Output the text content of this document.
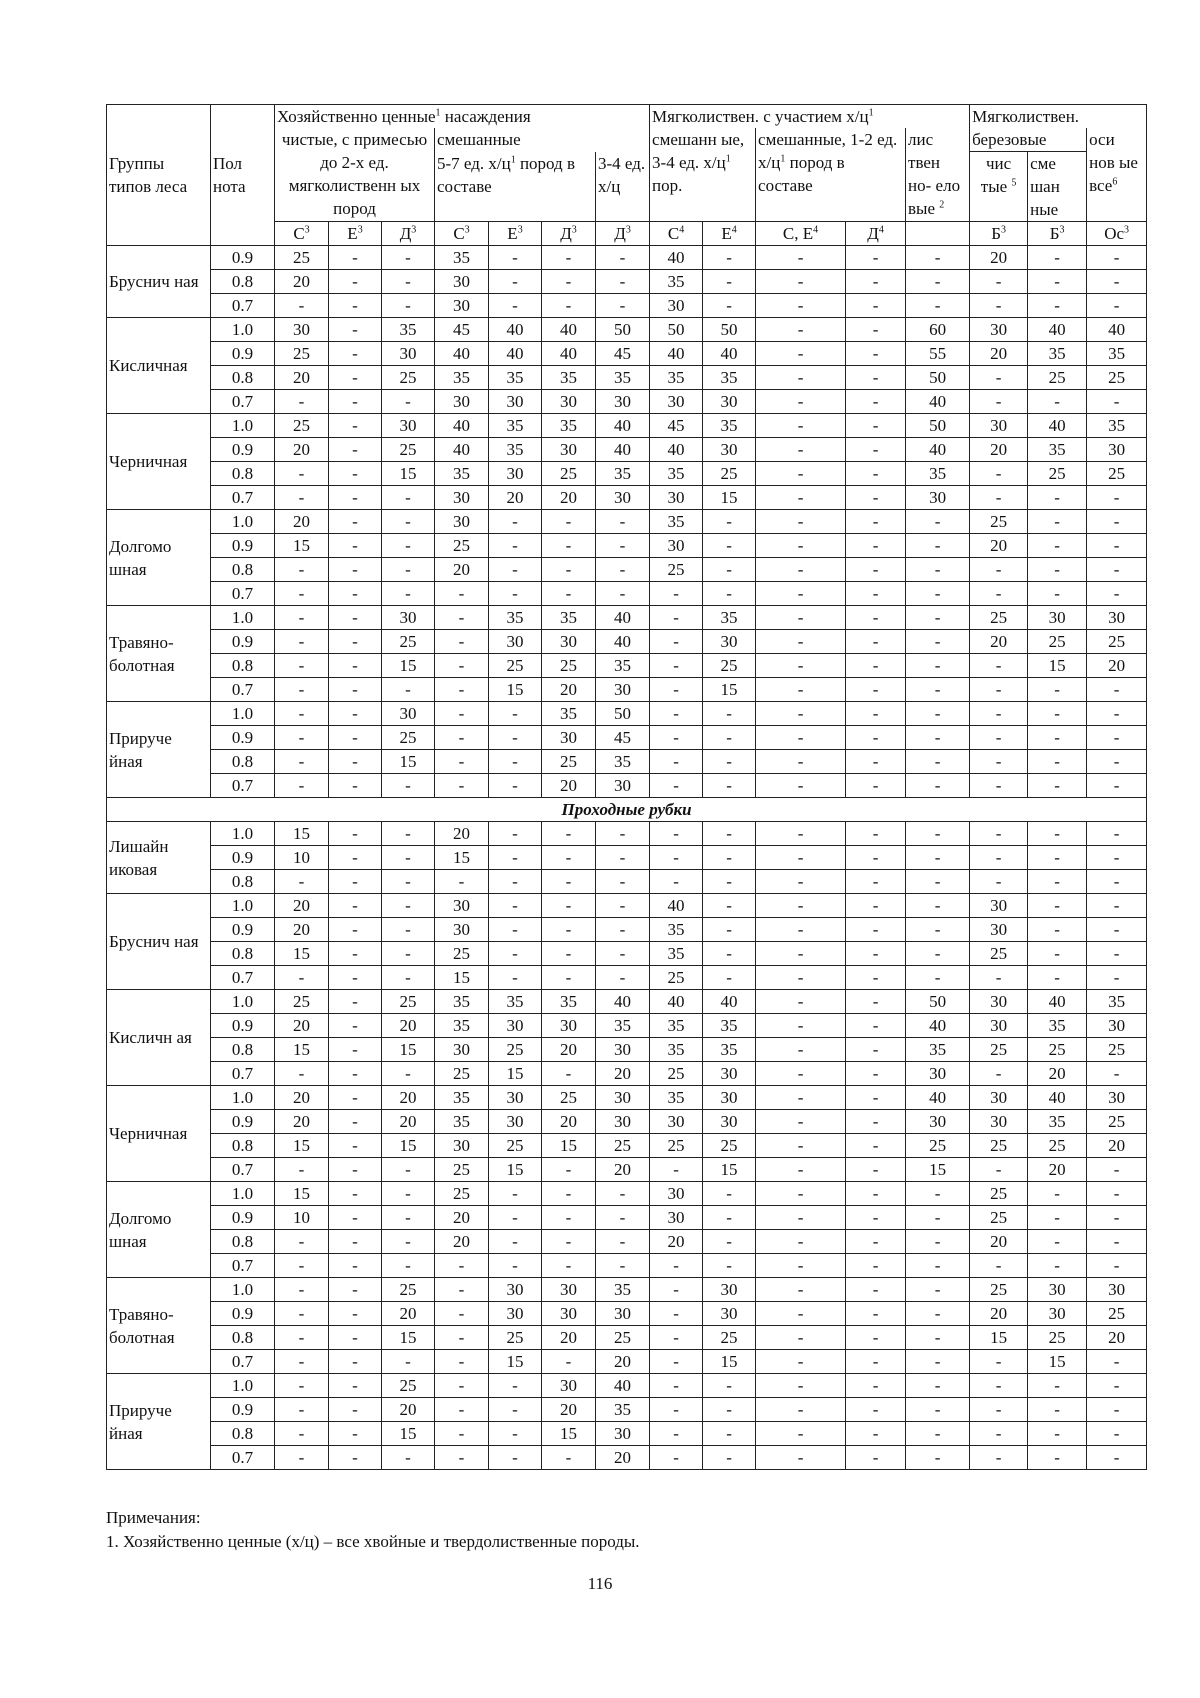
Группы типов леса	Пол нота	Хозяйственно ценные$^1$ насаждения							Мягколиствен. с участием $х/ц^1$					Мягколиствен.		
		чистые, с примесью до 2-х ед. мягколиственн ых пород			смешанные				смешанн ые, 3-4 ед. $х/ц^1$ пор.		смешанные, 1-2 ед. $х/ц^1$ пород в составе		лис твен но- ело вые $^2$	березовые		оси нов ые все$^6$
					5-7 ед. $х/ц^1$ пород в составе			3-4 ед. х/ц						чис тые $^5$	сме шан ные	

		$С^3$	$Е^3$	$Д^3$	$С^3$	$Е^3$	$Д^3$	$Д^3$	$С^4$	$Е^4$	С, $Е^4$	$Д^4$		$Б^3$	$Б^3$	$Ос^3$
Бруснич ная	0.9	25	-	-	35	-	-	-	40	-	-	-	-	20	-	-
	0.8	20	-	-	30	-	-	-	35	-	-	-	-	-	-	-
	0.7	-	-	-	30	-	-	-	30	-	-	-	-	-	-	-
Кисличная	1.0	30	-	35	45	40	40	50	50	50	-	-	60	30	40	40
	0.9	25	-	30	40	40	40	45	40	40	-	-	55	20	35	35
	0.8	20	-	25	35	35	35	35	35	35	-	-	50	-	25	25
	0.7	-	-	-	30	30	30	30	30	30	-	-	40	-	-	-
Черничная	1.0	25	-	30	40	35	35	40	45	35	-	-	50	30	40	35
	0.9	20	-	25	40	35	30	40	40	30	-	-	40	20	35	30
	0.8	-	-	15	35	30	25	35	35	25	-	-	35	-	25	25
	0.7	-	-	-	30	20	20	30	30	15	-	-	30	-	-	-
Долгомо шная	1.0	20	-	-	30	-	-	-	35	-	-	-	-	25	-	-
	0.9	15	-	-	25	-	-	-	30	-	-	-	-	20	-	-
	0.8	-	-	-	20	-	-	-	25	-	-	-	-	-	-	-
	0.7	-	-	-	-	-	-	-	-	-	-	-	-	-	-	-
Травяно- болотная	1.0	-	-	30	-	35	35	40	-	35	-	-	-	25	30	30
	0.9	-	-	25	-	30	30	40	-	30	-	-	-	20	25	25
	0.8	-	-	15	-	25	25	35	-	25	-	-	-	-	15	20
	0.7	-	-	-	-	15	20	30	-	15	-	-	-	-	-	-
Приручe йная	1.0	-	-	30	-	-	35	50	-	-	-	-	-	-	-	-
	0.9	-	-	25	-	-	30	45	-	-	-	-	-	-	-	-
	0.8	-	-	15	-	-	25	35	-	-	-	-	-	-	-	-
	0.7	-	-	-	-	-	20	30	-	-	-	-	-	-	-	-
Проходные рубки																
Лишайн иковая	1.0	15	-	-	20	-	-	-	-	-	-	-	-	-	-	-
	0.9	10	-	-	15	-	-	-	-	-	-	-	-	-	-	-
	0.8	-	-	-	-	-	-	-	-	-	-	-	-	-	-	-
Бруснич ная	1.0	20	-	-	30	-	-	-	40	-	-	-	-	30	-	-
	0.9	20	-	-	30	-	-	-	35	-	-	-	-	30	-	-
	0.8	15	-	-	25	-	-	-	35	-	-	-	-	25	-	-
	0.7	-	-	-	15	-	-	-	25	-	-	-	-	-	-	-
Кисличн ая	1.0	25	-	25	35	35	35	40	40	40	-	-	50	30	40	35
	0.9	20	-	20	35	30	30	35	35	35	-	-	40	30	35	30
	0.8	15	-	15	30	25	20	30	35	35	-	-	35	25	25	25
	0.7	-	-	-	25	15	-	20	25	30	-	-	30	-	20	-
Черничная	1.0	20	-	20	35	30	25	30	35	30	-	-	40	30	40	30
	0.9	20	-	20	35	30	20	30	30	30	-	-	30	30	35	25
	0.8	15	-	15	30	25	15	25	25	25	-	-	25	25	25	20
	0.7	-	-	-	25	15	-	20	-	15	-	-	15	-	20	-
Долгомо шная	1.0	15	-	-	25	-	-	-	30	-	-	-	-	25	-	-
	0.9	10	-	-	20	-	-	-	30	-	-	-	-	25	-	-
	0.8	-	-	-	20	-	-	-	20	-	-	-	-	20	-	-
	0.7	-	-	-	-	-	-	-	-	-	-	-	-	-	-	-
Травяно- болотная	1.0	-	-	25	-	30	30	35	-	30	-	-	-	25	30	30
	0.9	-	-	20	-	30	30	30	-	30	-	-	-	20	30	25
	0.8	-	-	15	-	25	20	25	-	25	-	-	-	15	25	20
	0.7	-	-	-	-	15	-	20	-	15	-	-	-	-	15	-
Приручe йная	1.0	-	-	25	-	-	30	40	-	-	-	-	-	-	-	-
	0.9	-	-	20	-	-	20	35	-	-	-	-	-	-	-	-
	0.8	-	-	15	-	-	15	30	-	-	-	-	-	-	-	-
	0.7	-	-	-	-	-	-	20	-	-	-	-	-	-	-	-
Примечания:
1. Хозяйственно ценные (х/ц) – все хвойные и твердолиственные породы.
116
